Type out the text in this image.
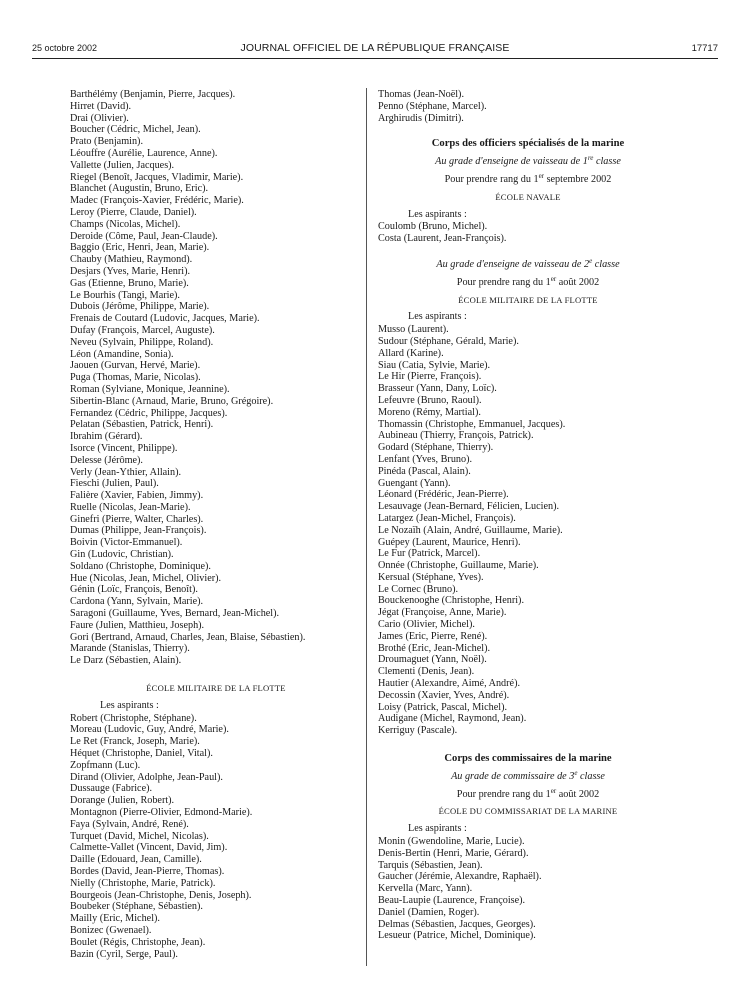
25 octobre 2002	JOURNAL OFFICIEL DE LA RÉPUBLIQUE FRANÇAISE	17717
Barthélémy (Benjamin, Pierre, Jacques).
Hirret (David).
Drai (Olivier).
Boucher (Cédric, Michel, Jean).
Prato (Benjamin).
Léouffre (Aurélie, Laurence, Anne).
Vallette (Julien, Jacques).
Riegel (Benoît, Jacques, Vladimir, Marie).
Blanchet (Augustin, Bruno, Eric).
Madec (François-Xavier, Frédéric, Marie).
Leroy (Pierre, Claude, Daniel).
Champs (Nicolas, Michel).
Deroide (Côme, Paul, Jean-Claude).
Baggio (Eric, Henri, Jean, Marie).
Chauby (Mathieu, Raymond).
Desjars (Yves, Marie, Henri).
Gas (Etienne, Bruno, Marie).
Le Bourhis (Tangi, Marie).
Dubois (Jérôme, Philippe, Marie).
Frenais de Coutard (Ludovic, Jacques, Marie).
Dufay (François, Marcel, Auguste).
Neveu (Sylvain, Philippe, Roland).
Léon (Amandine, Sonia).
Jaouen (Gurvan, Hervé, Marie).
Puga (Thomas, Marie, Nicolas).
Roman (Sylviane, Monique, Jeannine).
Sibertin-Blanc (Arnaud, Marie, Bruno, Grégoire).
Fernandez (Cédric, Philippe, Jacques).
Pelatan (Sébastien, Patrick, Henri).
Ibrahim (Gérard).
Isorce (Vincent, Philippe).
Delesse (Jérôme).
Verly (Jean-Ythier, Allain).
Fieschi (Julien, Paul).
Falière (Xavier, Fabien, Jimmy).
Ruelle (Nicolas, Jean-Marie).
Ginefri (Pierre, Walter, Charles).
Dumas (Philippe, Jean-François).
Boivin (Victor-Emmanuel).
Gin (Ludovic, Christian).
Soldano (Christophe, Dominique).
Hue (Nicolas, Jean, Michel, Olivier).
Génin (Loïc, François, Benoît).
Cardona (Yann, Sylvain, Marie).
Saragoni (Guillaume, Yves, Bernard, Jean-Michel).
Faure (Julien, Matthieu, Joseph).
Gori (Bertrand, Arnaud, Charles, Jean, Blaise, Sébastien).
Marande (Stanislas, Thierry).
Le Darz (Sébastien, Alain).
ÉCOLE MILITAIRE DE LA FLOTTE
Les aspirants :
Robert (Christophe, Stéphane).
Moreau (Ludovic, Guy, André, Marie).
Le Ret (Franck, Joseph, Marie).
Héquet (Christophe, Daniel, Vital).
Zopfmann (Luc).
Dirand (Olivier, Adolphe, Jean-Paul).
Dussauge (Fabrice).
Dorange (Julien, Robert).
Montagnon (Pierre-Olivier, Edmond-Marie).
Faya (Sylvain, André, René).
Turquet (David, Michel, Nicolas).
Calmette-Vallet (Vincent, David, Jim).
Daille (Edouard, Jean, Camille).
Bordes (David, Jean-Pierre, Thomas).
Nielly (Christophe, Marie, Patrick).
Bourgeois (Jean-Christophe, Denis, Joseph).
Boubeker (Stéphane, Sébastien).
Mailly (Eric, Michel).
Bonizec (Gwenael).
Boulet (Régis, Christophe, Jean).
Bazin (Cyril, Serge, Paul).
Thomas (Jean-Noël).
Penno (Stéphane, Marcel).
Arghirudis (Dimitri).
Corps des officiers spécialisés de la marine
Au grade d'enseigne de vaisseau de 1re classe
Pour prendre rang du 1er septembre 2002
ÉCOLE NAVALE
Les aspirants :
Coulomb (Bruno, Michel).
Costa (Laurent, Jean-François).
Au grade d'enseigne de vaisseau de 2e classe
Pour prendre rang du 1er août 2002
ÉCOLE MILITAIRE DE LA FLOTTE
Les aspirants :
Musso (Laurent).
Sudour (Stéphane, Gérald, Marie).
Allard (Karine).
Siau (Catia, Sylvie, Marie).
Le Hir (Pierre, François).
Brasseur (Yann, Dany, Loïc).
Lefeuvre (Bruno, Raoul).
Moreno (Rémy, Martial).
Thomassin (Christophe, Emmanuel, Jacques).
Aubineau (Thierry, François, Patrick).
Godard (Stéphane, Thierry).
Lenfant (Yves, Bruno).
Pinéda (Pascal, Alain).
Guengant (Yann).
Léonard (Frédéric, Jean-Pierre).
Lesauvage (Jean-Bernard, Félicien, Lucien).
Latargez (Jean-Michel, François).
Le Nozaïh (Alain, André, Guillaume, Marie).
Guépey (Laurent, Maurice, Henri).
Le Fur (Patrick, Marcel).
Onnée (Christophe, Guillaume, Marie).
Kersual (Stéphane, Yves).
Le Cornec (Bruno).
Bouckenooghe (Christophe, Henri).
Jégat (Françoise, Anne, Marie).
Cario (Olivier, Michel).
James (Eric, Pierre, René).
Brothé (Eric, Jean-Michel).
Droumaguet (Yann, Noël).
Clementi (Denis, Jean).
Hautier (Alexandre, Aimé, André).
Decossin (Xavier, Yves, André).
Loisy (Patrick, Pascal, Michel).
Audigane (Michel, Raymond, Jean).
Kerriguy (Pascale).
Corps des commissaires de la marine
Au grade de commissaire de 3e classe
Pour prendre rang du 1er août 2002
ÉCOLE DU COMMISSARIAT DE LA MARINE
Les aspirants :
Monin (Gwendoline, Marie, Lucie).
Denis-Bertin (Henri, Marie, Gérard).
Tarquis (Sébastien, Jean).
Gaucher (Jérémie, Alexandre, Raphaël).
Kervella (Marc, Yann).
Beau-Laupie (Laurence, Françoise).
Daniel (Damien, Roger).
Delmas (Sébastien, Jacques, Georges).
Lesueur (Patrice, Michel, Dominique).
